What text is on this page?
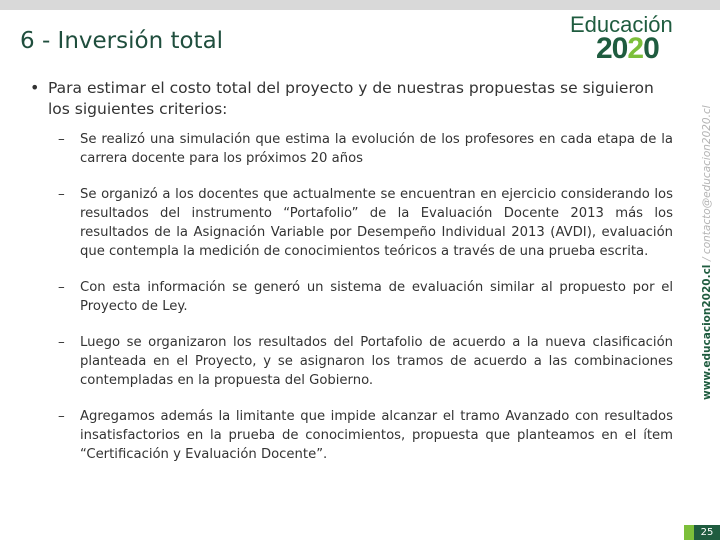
6 - Inversión total
Educación
2020
www.educacion2020.cl / contacto@educacion2020.cl
• Para estimar el costo total del proyecto y de nuestras propuestas se siguieron los siguientes criterios:
– Se realizó una simulación que estima la evolución de los profesores en cada etapa de la carrera docente para los próximos 20 años
– Se organizó a los docentes que actualmente se encuentran en ejercicio considerando los resultados del instrumento “Portafolio” de la Evaluación Docente 2013 más los resultados de la Asignación Variable por Desempeño Individual 2013 (AVDI), evaluación que contempla la medición de conocimientos teóricos a través de una prueba escrita.
– Con esta información se generó un sistema de evaluación similar al propuesto por el Proyecto de Ley.
– Luego se organizaron los resultados del Portafolio de acuerdo a la nueva clasificación planteada en el Proyecto, y se asignaron los tramos de acuerdo a las combinaciones contempladas en la propuesta del Gobierno.
– Agregamos además la limitante que impide alcanzar el tramo Avanzado con resultados insatisfactorios en la prueba de conocimientos, propuesta que planteamos en el ítem “Certificación y Evaluación Docente”.
25
